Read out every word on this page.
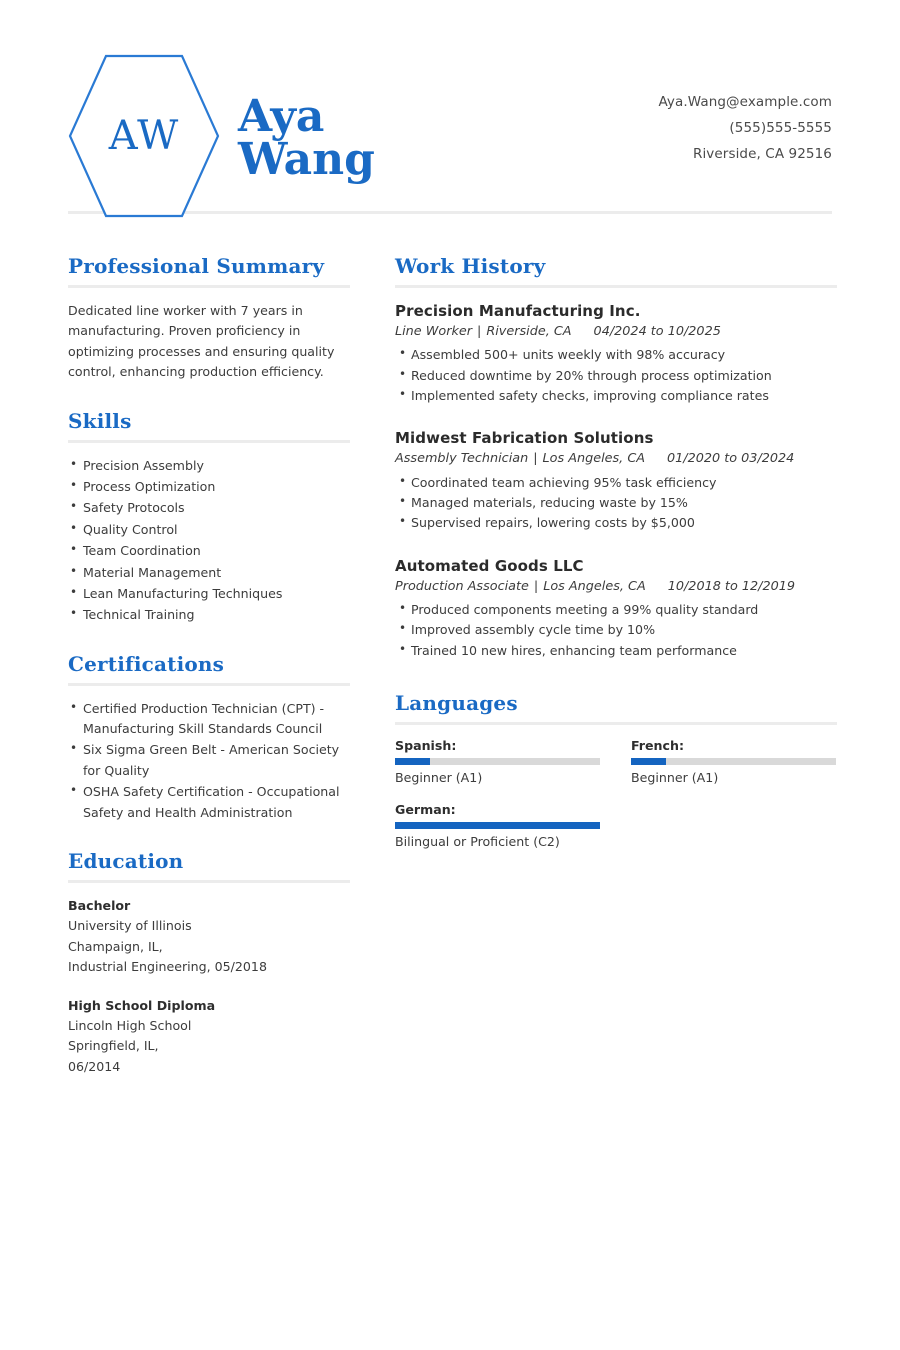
AW	Aya
Wang
Aya.Wang@example.com
(555)555-5555
Riverside, CA 92516
Professional Summary
Dedicated line worker with 7 years in manufacturing. Proven proficiency in optimizing processes and ensuring quality control, enhancing production efficiency.
Skills
• Precision Assembly
• Process Optimization
• Safety Protocols
• Quality Control
• Team Coordination
• Material Management
• Lean Manufacturing Techniques
• Technical Training
Certifications
• Certified Production Technician (CPT) - Manufacturing Skill Standards Council
• Six Sigma Green Belt - American Society for Quality
• OSHA Safety Certification - Occupational Safety and Health Administration
Education
Bachelor
University of Illinois
Champaign, IL,
Industrial Engineering, 05/2018
High School Diploma
Lincoln High School
Springfield, IL,
06/2014
Work History
Precision Manufacturing Inc.
Line Worker | Riverside, CA 04/2024 to 10/2025
• Assembled 500+ units weekly with 98% accuracy
• Reduced downtime by 20% through process optimization
• Implemented safety checks, improving compliance rates
Midwest Fabrication Solutions
Assembly Technician | Los Angeles, CA 01/2020 to 03/2024
• Coordinated team achieving 95% task efficiency
• Managed materials, reducing waste by 15%
• Supervised repairs, lowering costs by $5,000
Automated Goods LLC
Production Associate | Los Angeles, CA 10/2018 to 12/2019
• Produced components meeting a 99% quality standard
• Improved assembly cycle time by 10%
• Trained 10 new hires, enhancing team performance
Languages
Spanish:
Beginner (A1)
French:
Beginner (A1)
German:
Bilingual or Proficient (C2)
